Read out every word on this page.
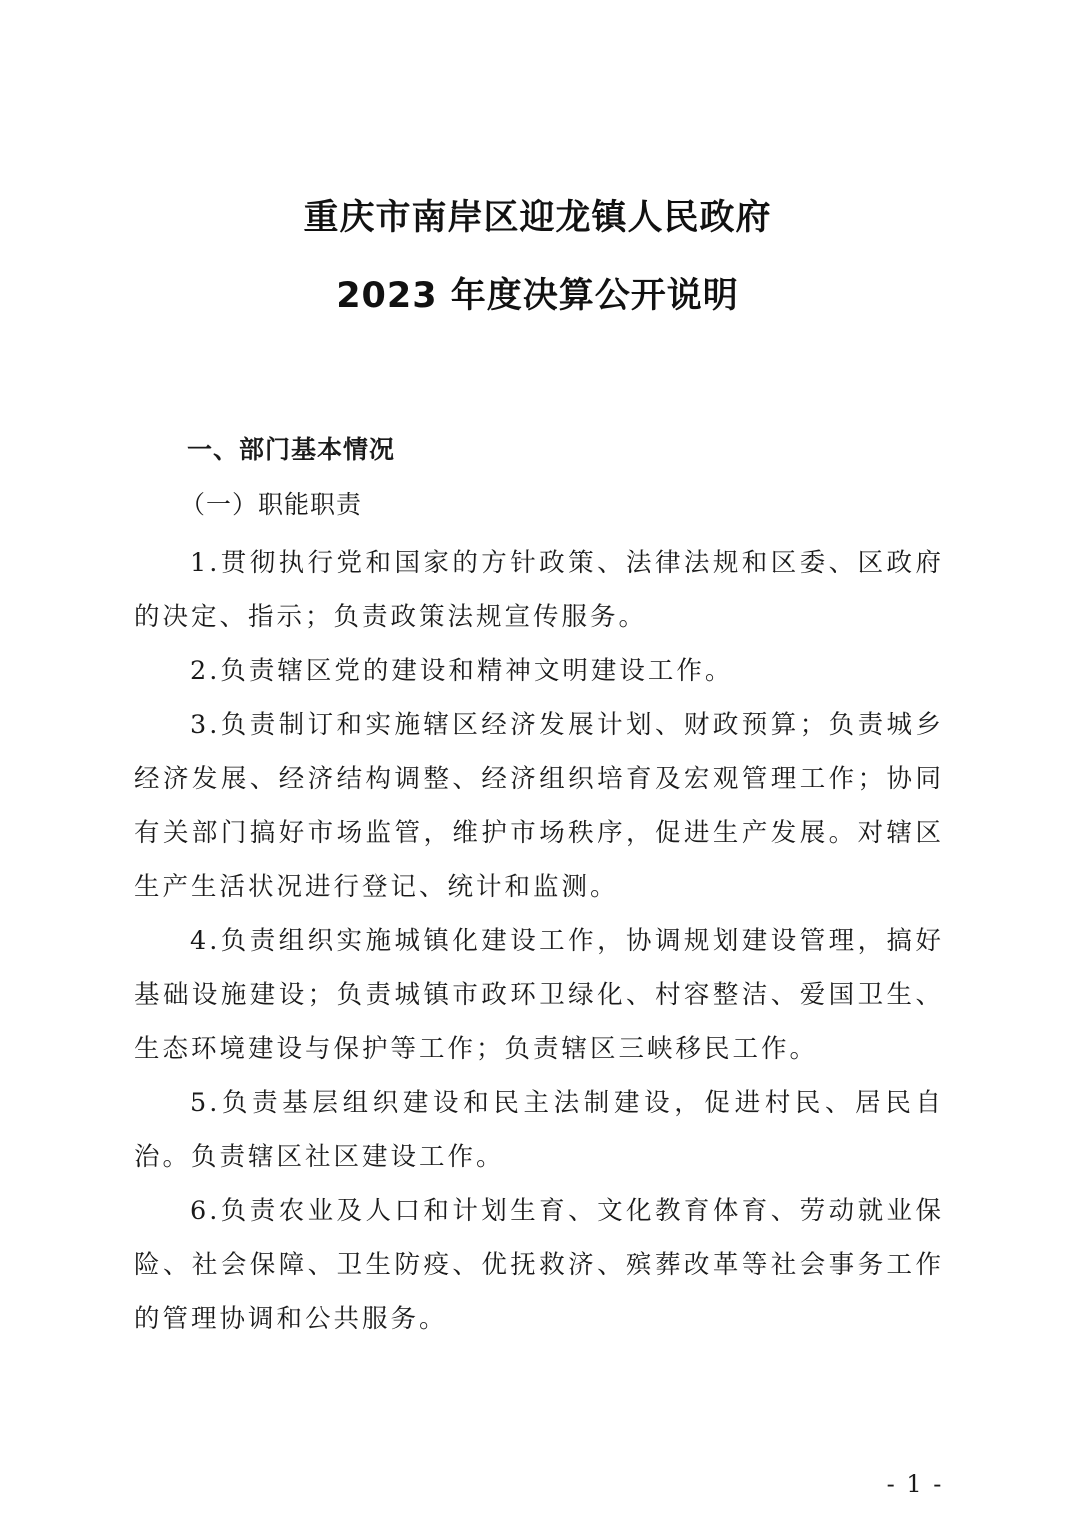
重庆市南岸区迎龙镇人民政府
2023 年度决算公开说明
一、部门基本情况
（一）职能职责

1.贯彻执行党和国家的方针政策、法律法规和区委、区政府的决定、指示；负责政策法规宣传服务。

2.负责辖区党的建设和精神文明建设工作。

3.负责制订和实施辖区经济发展计划、财政预算；负责城乡经济发展、经济结构调整、经济组织培育及宏观管理工作；协同有关部门搞好市场监管，维护市场秩序，促进生产发展。对辖区生产生活状况进行登记、统计和监测。

4.负责组织实施城镇化建设工作，协调规划建设管理，搞好基础设施建设；负责城镇市政环卫绿化、村容整洁、爱国卫生、生态环境建设与保护等工作；负责辖区三峡移民工作。

5.负责基层组织建设和民主法制建设，促进村民、居民自治。负责辖区社区建设工作。

6.负责农业及人口和计划生育、文化教育体育、劳动就业保险、社会保障、卫生防疫、优抚救济、殡葬改革等社会事务工作的管理协调和公共服务。

- 1 -
